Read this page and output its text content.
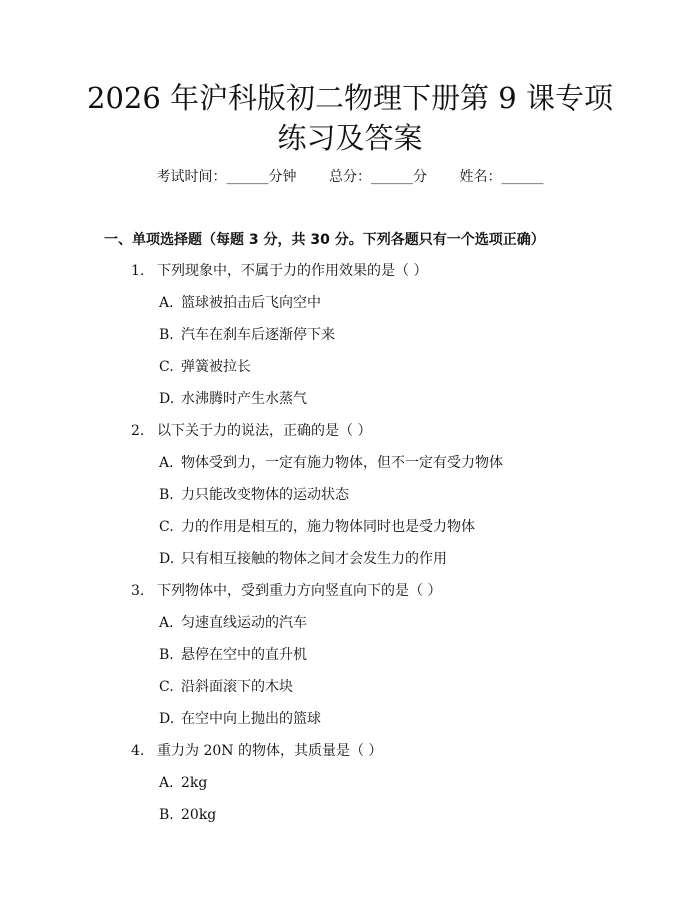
2026 年沪科版初二物理下册第 9 课专项练习及答案
考试时间：______分钟 总分：______分 姓名：______
一、单项选择题（每题 3 分，共 30 分。下列各题只有一个选项正确）
1. 下列现象中，不属于力的作用效果的是（ ）
A. 篮球被拍击后飞向空中
B. 汽车在刹车后逐渐停下来
C. 弹簧被拉长
D. 水沸腾时产生水蒸气
2. 以下关于力的说法，正确的是（ ）
A. 物体受到力，一定有施力物体，但不一定有受力物体
B. 力只能改变物体的运动状态
C. 力的作用是相互的，施力物体同时也是受力物体
D. 只有相互接触的物体之间才会发生力的作用
3. 下列物体中，受到重力方向竖直向下的是（ ）
A. 匀速直线运动的汽车
B. 悬停在空中的直升机
C. 沿斜面滚下的木块
D. 在空中向上抛出的篮球
4. 重力为 20N 的物体，其质量是（ ）
A. 2kg
B. 20kg
